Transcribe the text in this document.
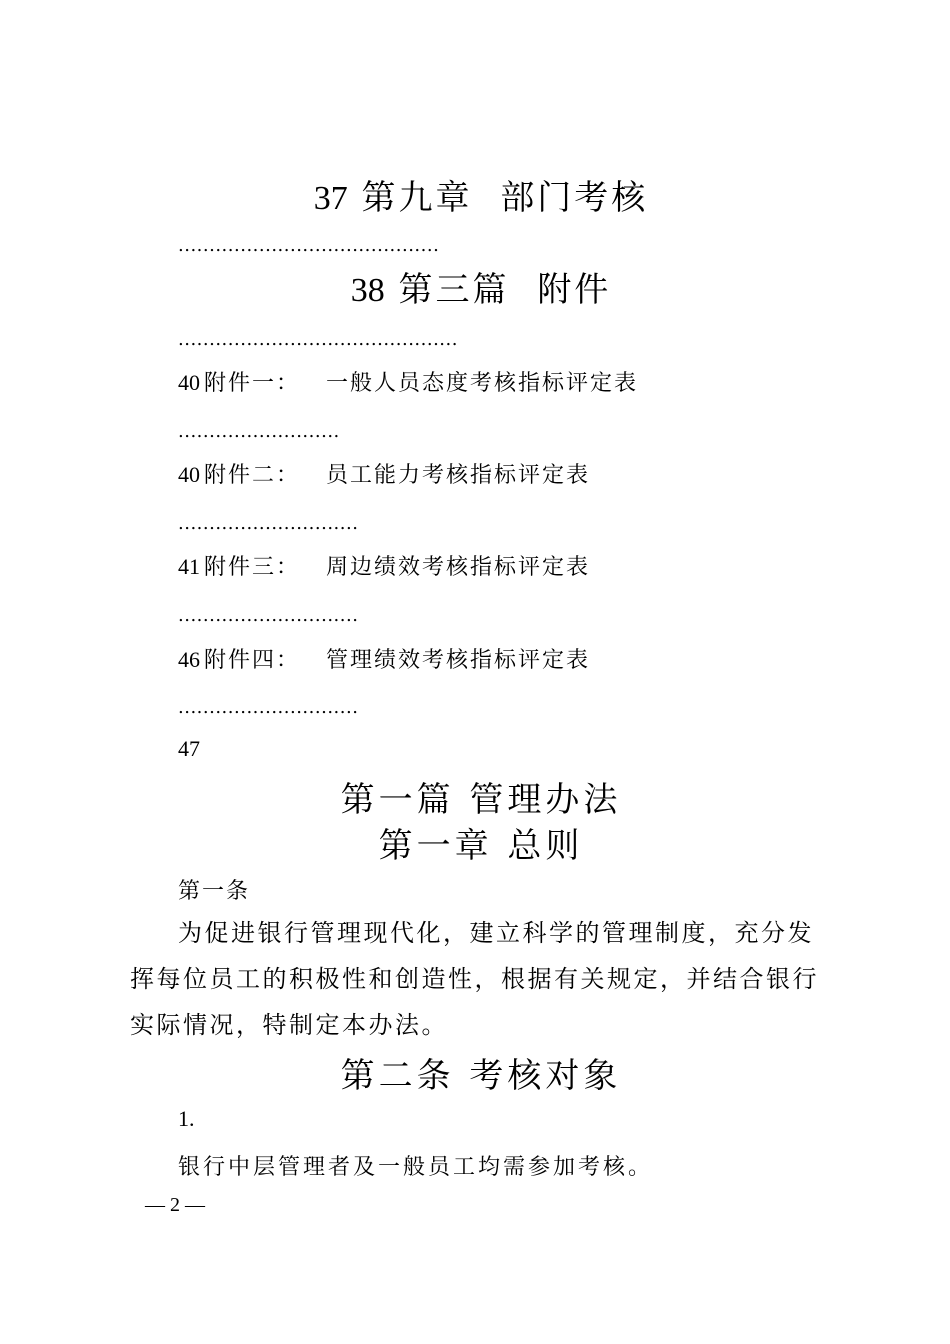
37 第九章 部门考核
..........................................
38 第三篇 附件
.............................................
40 附件一： 一般人员态度考核指标评定表
..........................
40 附件二： 员工能力考核指标评定表
.............................
41 附件三： 周边绩效考核指标评定表
.............................
46 附件四： 管理绩效考核指标评定表
.............................
47
第一篇 管理办法
第一章 总则
第一条
为促进银行管理现代化，建立科学的管理制度，充分发挥每位员工的积极性和创造性，根据有关规定，并结合银行实际情况，特制定本办法。
第二条 考核对象
1.
银行中层管理者及一般员工均需参加考核。
— 2 —
